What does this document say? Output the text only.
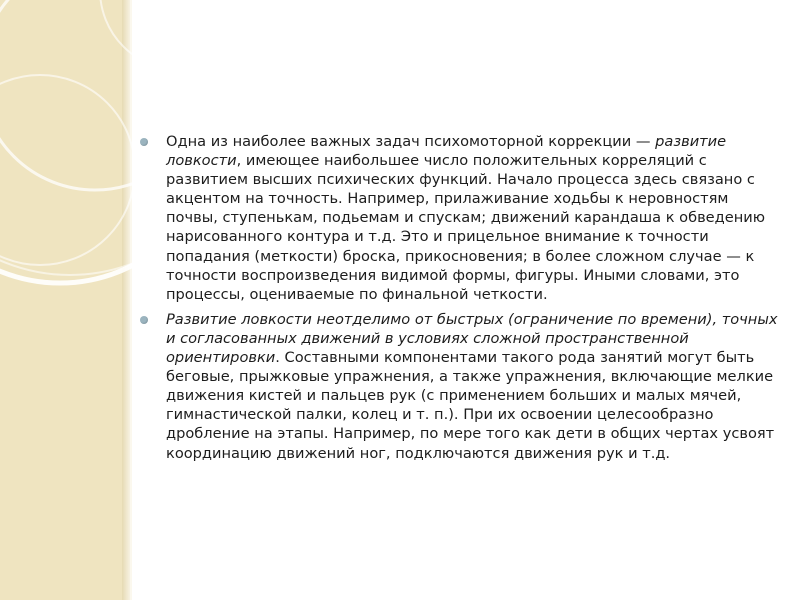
Одна из наиболее важных задач психомоторной коррекции — развитие ловкости, имеющее наибольшее число положительных корреляций с развитием высших психических функций. Начало процесса здесь связано с акцентом на точность. Например, прилаживание ходьбы к неровностям почвы, ступенькам, подьемам и спускам; движений карандаша к обведению нарисованного контура и т.д. Это и прицельное внимание к точности попадания (меткости) броска, прикосновения; в более сложном случае — к точности воспроизведения видимой формы, фигуры. Иными словами, это процессы, оцениваемые по финальной четкости.

Развитие ловкости неотделимо от быстрых (ограничение по времени), точных и согласованных движений в условиях сложной пространственной ориентировки. Составными компонентами такого рода занятий могут быть беговые, прыжковые упражнения, а также упражнения, включающие мелкие движения кистей и пальцев рук (с применением больших и малых мячей, гимнастической палки, колец и т. п.). При их освоении целесообразно дробление на этапы. Например, по мере того как дети в общих чертах усвоят координацию движений ног, подключаются движения рук и т.д.
